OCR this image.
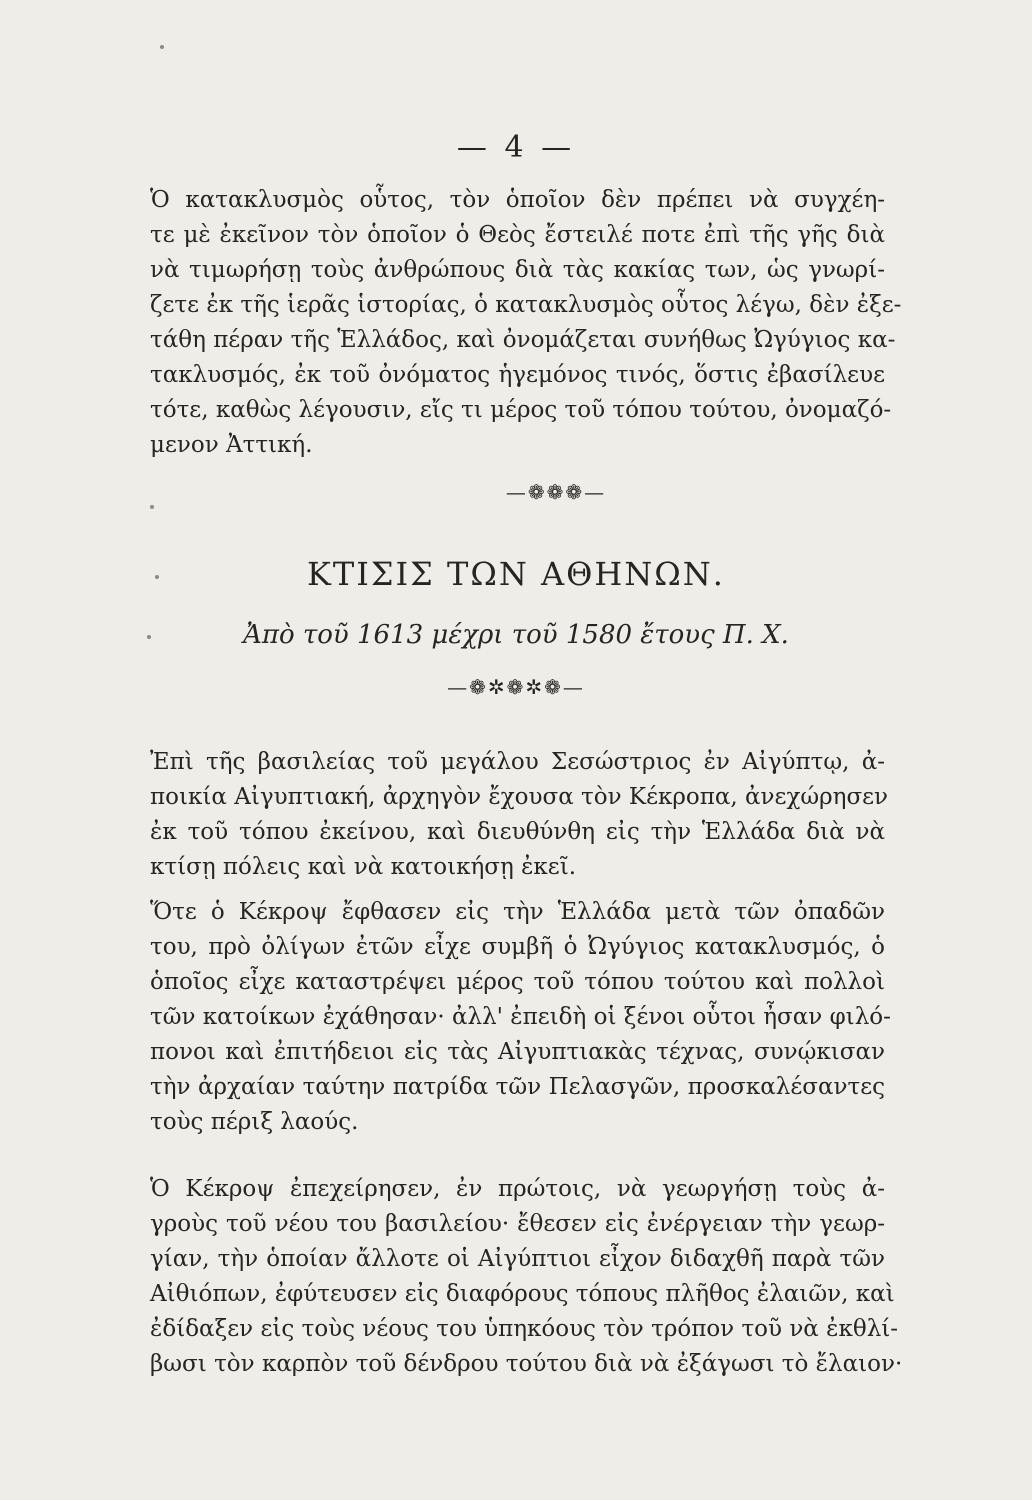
— 4 —
Ὁ κατακλυσμὸς οὗτος, τὸν ὁποῖον δὲν πρέπει νὰ συγχέη-
τε μὲ ἐκεῖνον τὸν ὁποῖον ὁ Θεὸς ἔστειλέ ποτε ἐπὶ τῆς γῆς διὰ
νὰ τιμωρήσῃ τοὺς ἀνθρώπους διὰ τὰς κακίας των, ὡς γνωρί-
ζετε ἐκ τῆς ἱερᾶς ἱστορίας, ὁ κατακλυσμὸς οὗτος λέγω, δὲν ἐξε-
τάθη πέραν τῆς Ἑλλάδος, καὶ ὀνομάζεται συνήθως Ὠγύγιος κα-
τακλυσμός, ἐκ τοῦ ὀνόματος ἡγεμόνος τινός, ὅστις ἐβασίλευε
τότε, καθὼς λέγουσιν, εἴς τι μέρος τοῦ τόπου τούτου, ὀνομαζό-
μενον Ἀττική.
—❁❁❁—
ΚΤΙΣΙΣ ΤΩΝ ΑΘΗΝΩΝ.
Ἀπὸ τοῦ 1613 μέχρι τοῦ 1580 ἔτους Π. Χ.
—❁✲❁✲❁—
Ἐπὶ τῆς βασιλείας τοῦ μεγάλου Σεσώστριος ἐν Αἰγύπτῳ, ἀ-
ποικία Αἰγυπτιακή, ἀρχηγὸν ἔχουσα τὸν Κέκροπα, ἀνεχώρησεν
ἐκ τοῦ τόπου ἐκείνου, καὶ διευθύνθη εἰς τὴν Ἑλλάδα διὰ νὰ
κτίσῃ πόλεις καὶ νὰ κατοικήσῃ ἐκεῖ.
Ὅτε ὁ Κέκροψ ἔφθασεν εἰς τὴν Ἑλλάδα μετὰ τῶν ὀπαδῶν
του, πρὸ ὀλίγων ἐτῶν εἶχε συμβῆ ὁ Ὠγύγιος κατακλυσμός, ὁ
ὁποῖος εἶχε καταστρέψει μέρος τοῦ τόπου τούτου καὶ πολλοὶ
τῶν κατοίκων ἐχάθησαν· ἀλλ' ἐπειδὴ οἱ ξένοι οὗτοι ἦσαν φιλό-
πονοι καὶ ἐπιτήδειοι εἰς τὰς Αἰγυπτιακὰς τέχνας, συνῴκισαν
τὴν ἀρχαίαν ταύτην πατρίδα τῶν Πελασγῶν, προσκαλέσαντες
τοὺς πέριξ λαούς.
Ὁ Κέκροψ ἐπεχείρησεν, ἐν πρώτοις, νὰ γεωργήσῃ τοὺς ἀ-
γροὺς τοῦ νέου του βασιλείου· ἔθεσεν εἰς ἐνέργειαν τὴν γεωρ-
γίαν, τὴν ὁποίαν ἄλλοτε οἱ Αἰγύπτιοι εἶχον διδαχθῆ παρὰ τῶν
Αἰθιόπων, ἐφύτευσεν εἰς διαφόρους τόπους πλῆθος ἐλαιῶν, καὶ
ἐδίδαξεν εἰς τοὺς νέους του ὑπηκόους τὸν τρόπον τοῦ νὰ ἐκθλί-
βωσι τὸν καρπὸν τοῦ δένδρου τούτου διὰ νὰ ἐξάγωσι τὸ ἔλαιον·
